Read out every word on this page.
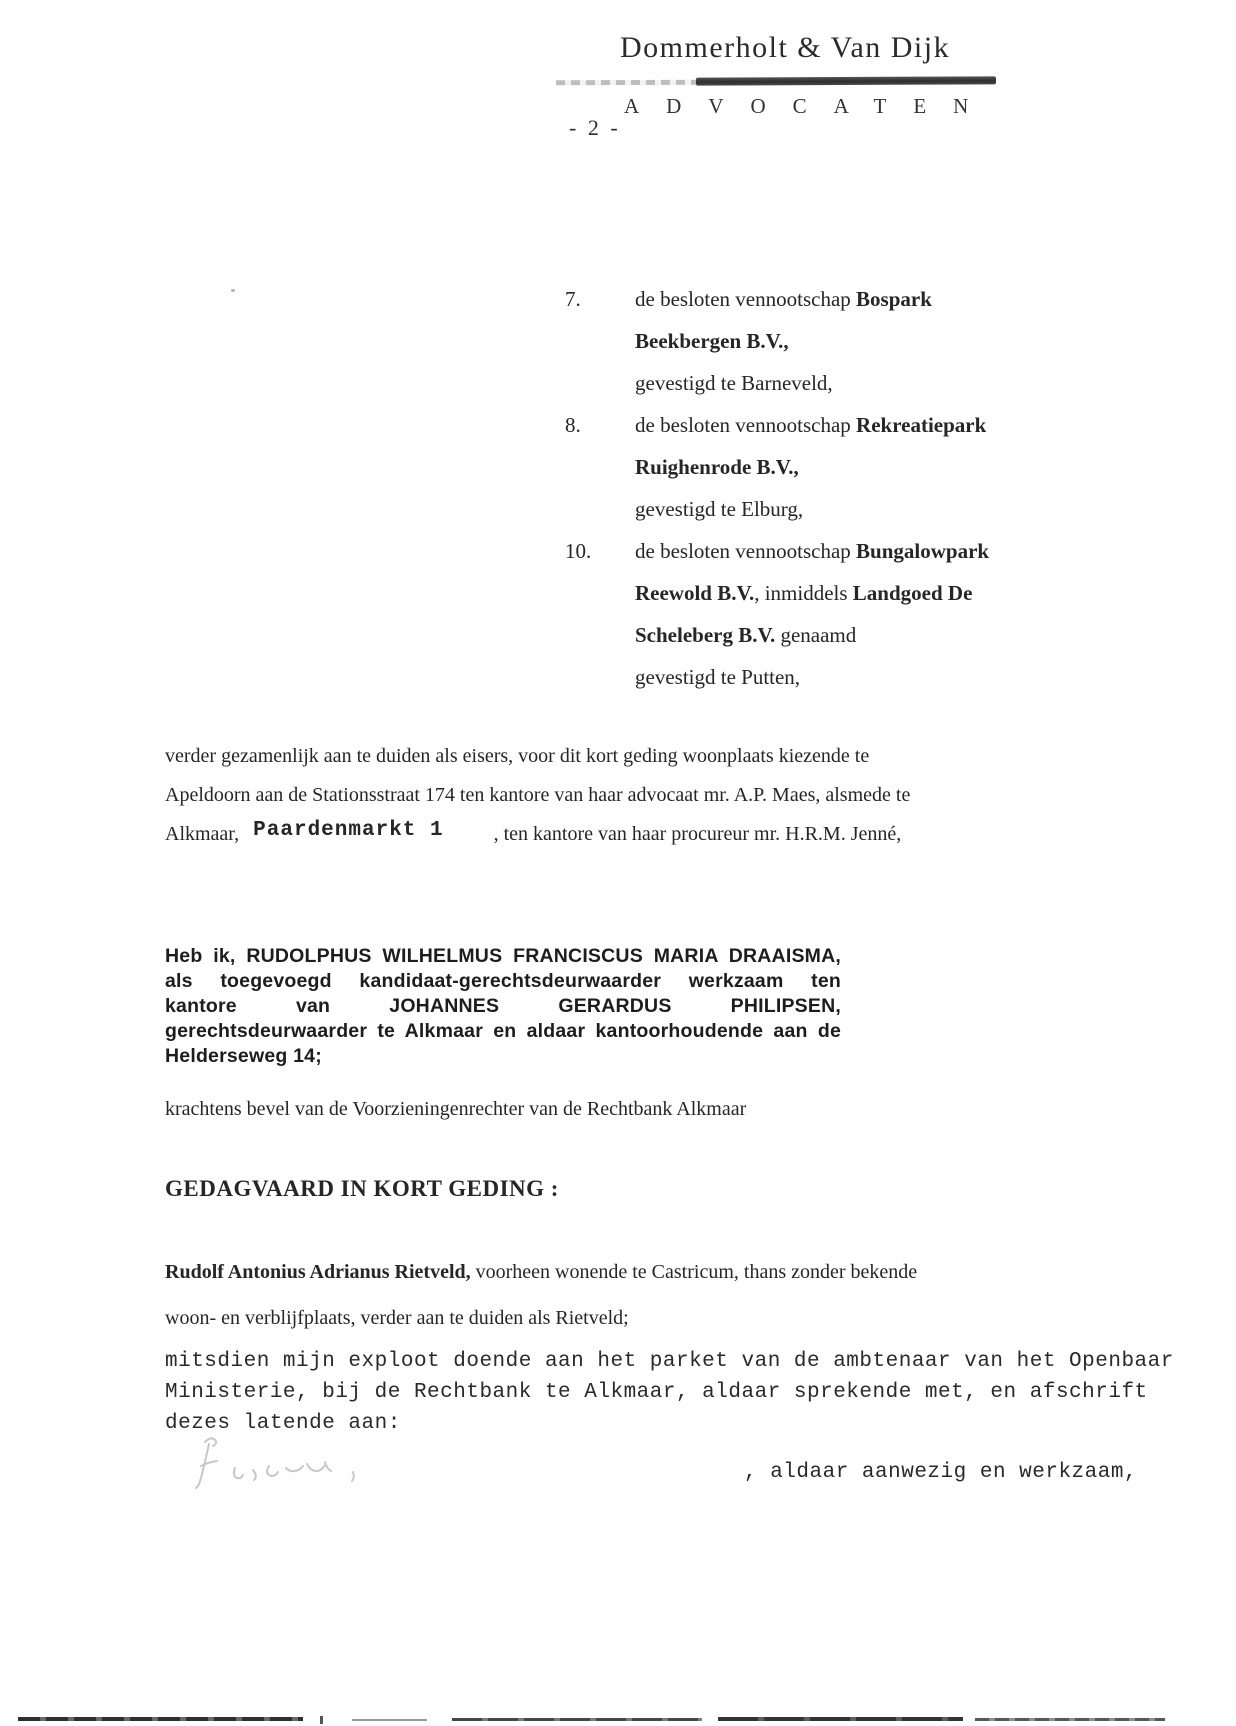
Dommerholt & Van Dijk
ADVOCATEN
- 2 -
7.	de besloten vennootschap Bospark
Beekbergen B.V.,
gevestigd te Barneveld,
8.	de besloten vennootschap Rekreatiepark
Ruighenrode B.V.,
gevestigd te Elburg,
10.	de besloten vennootschap Bungalowpark
Reewold B.V., inmiddels Landgoed De
Scheleberg B.V. genaamd
gevestigd te Putten,
verder gezamenlijk aan te duiden als eisers, voor dit kort geding woonplaats kiezende te
Apeldoorn aan de Stationsstraat 174 ten kantore van haar advocaat mr. A.P. Maes, alsmede te
Alkmaar, Paardenmarkt 1	, ten kantore van haar procureur mr. H.R.M. Jenné,
Heb ik, RUDOLPHUS WILHELMUS FRANCISCUS MARIA DRAAISMA,
als toegevoegd kandidaat-gerechtsdeurwaarder werkzaam ten
kantore van JOHANNES GERARDUS PHILIPSEN,
gerechtsdeurwaarder te Alkmaar en aldaar kantoorhoudende aan de
Helderseweg 14;
krachtens bevel van de Voorzieningenrechter van de Rechtbank Alkmaar
GEDAGVAARD IN KORT GEDING :
Rudolf Antonius Adrianus Rietveld, voorheen wonende te Castricum, thans zonder bekende
woon- en verblijfplaats, verder aan te duiden als Rietveld;
mitsdien mijn exploot doende aan het parket van de ambtenaar van het Openbaar
Ministerie, bij de Rechtbank te Alkmaar, aldaar sprekende met, en afschrift
dezes latende aan:
, aldaar aanwezig en werkzaam,
